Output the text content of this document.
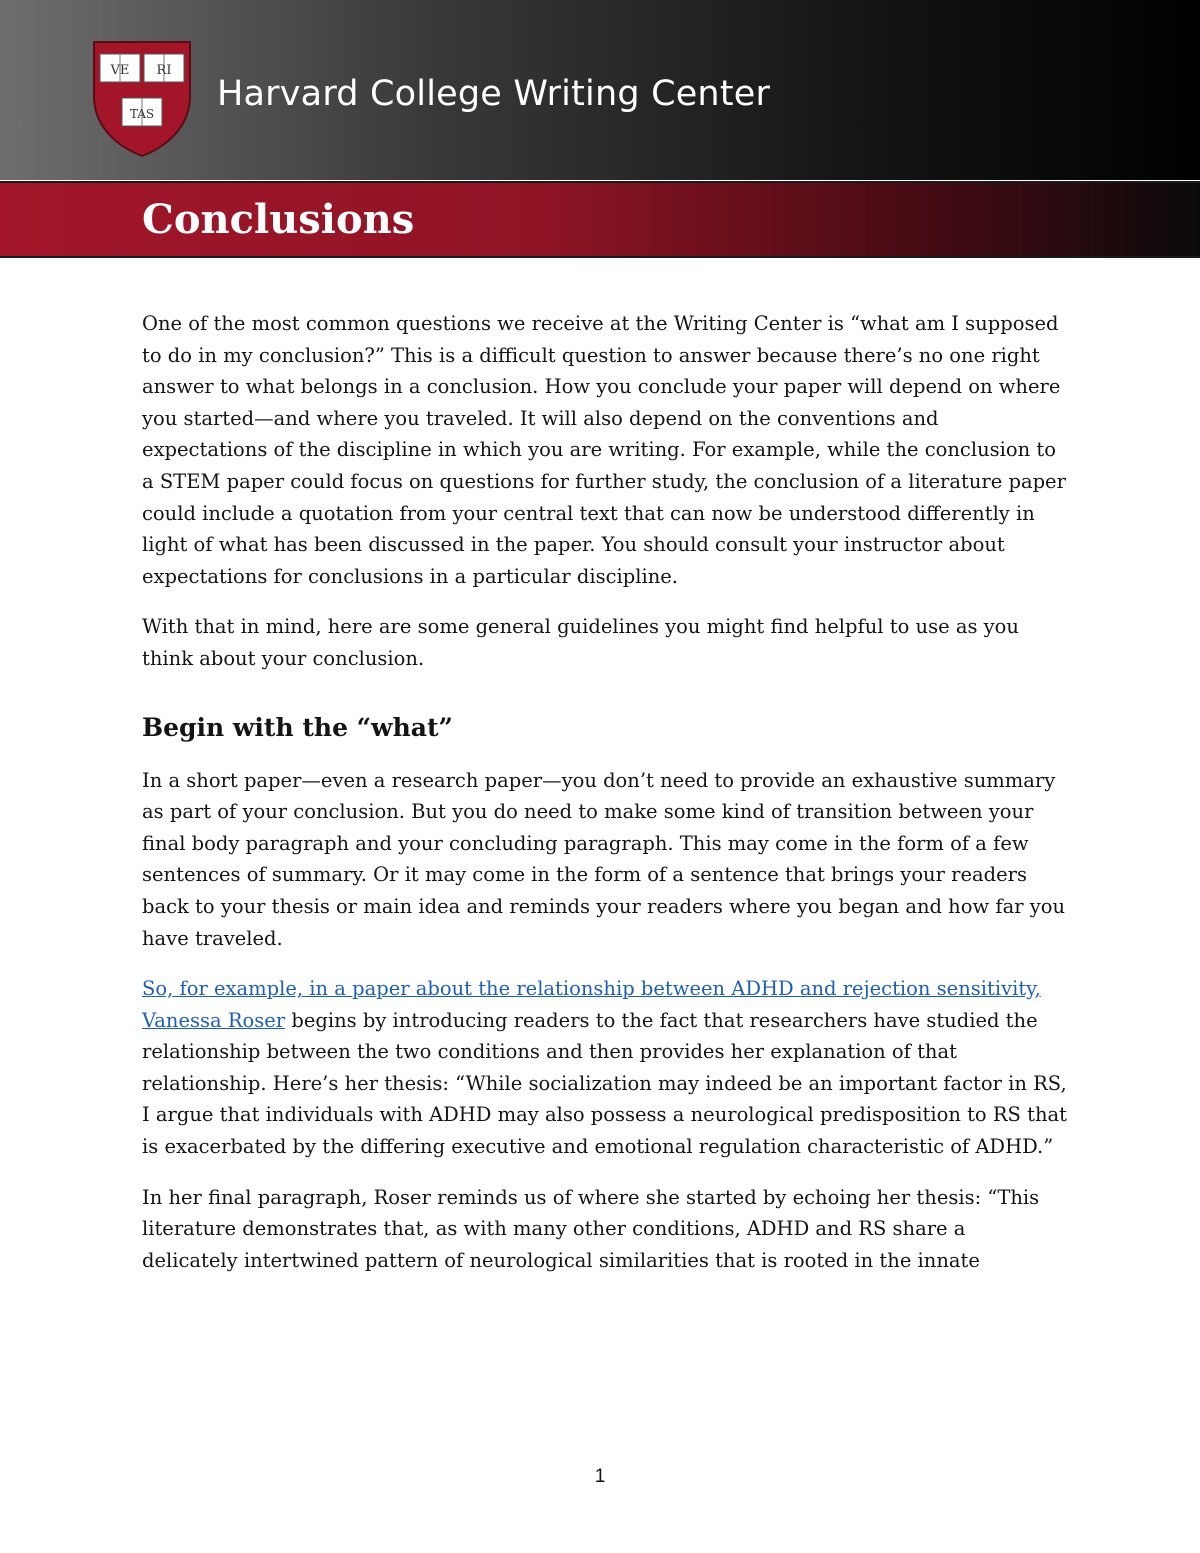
VE RI
TAS Harvard College Writing Center
Conclusions

One of the most common questions we receive at the Writing Center is “what am I supposed to do in my conclusion?” This is a difficult question to answer because there’s no one right answer to what belongs in a conclusion. How you conclude your paper will depend on where you started—and where you traveled. It will also depend on the conventions and expectations of the discipline in which you are writing. For example, while the conclusion to a STEM paper could focus on questions for further study, the conclusion of a literature paper could include a quotation from your central text that can now be understood differently in light of what has been discussed in the paper. You should consult your instructor about expectations for conclusions in a particular discipline.

With that in mind, here are some general guidelines you might find helpful to use as you think about your conclusion.

Begin with the “what”

In a short paper—even a research paper—you don’t need to provide an exhaustive summary as part of your conclusion. But you do need to make some kind of transition between your final body paragraph and your concluding paragraph. This may come in the form of a few sentences of summary. Or it may come in the form of a sentence that brings your readers back to your thesis or main idea and reminds your readers where you began and how far you have traveled.

So, for example, in a paper about the relationship between ADHD and rejection sensitivity, Vanessa Roser begins by introducing readers to the fact that researchers have studied the relationship between the two conditions and then provides her explanation of that relationship. Here’s her thesis: “While socialization may indeed be an important factor in RS, I argue that individuals with ADHD may also possess a neurological predisposition to RS that is exacerbated by the differing executive and emotional regulation characteristic of ADHD.”

In her final paragraph, Roser reminds us of where she started by echoing her thesis: “This literature demonstrates that, as with many other conditions, ADHD and RS share a delicately intertwined pattern of neurological similarities that is rooted in the innate

1
